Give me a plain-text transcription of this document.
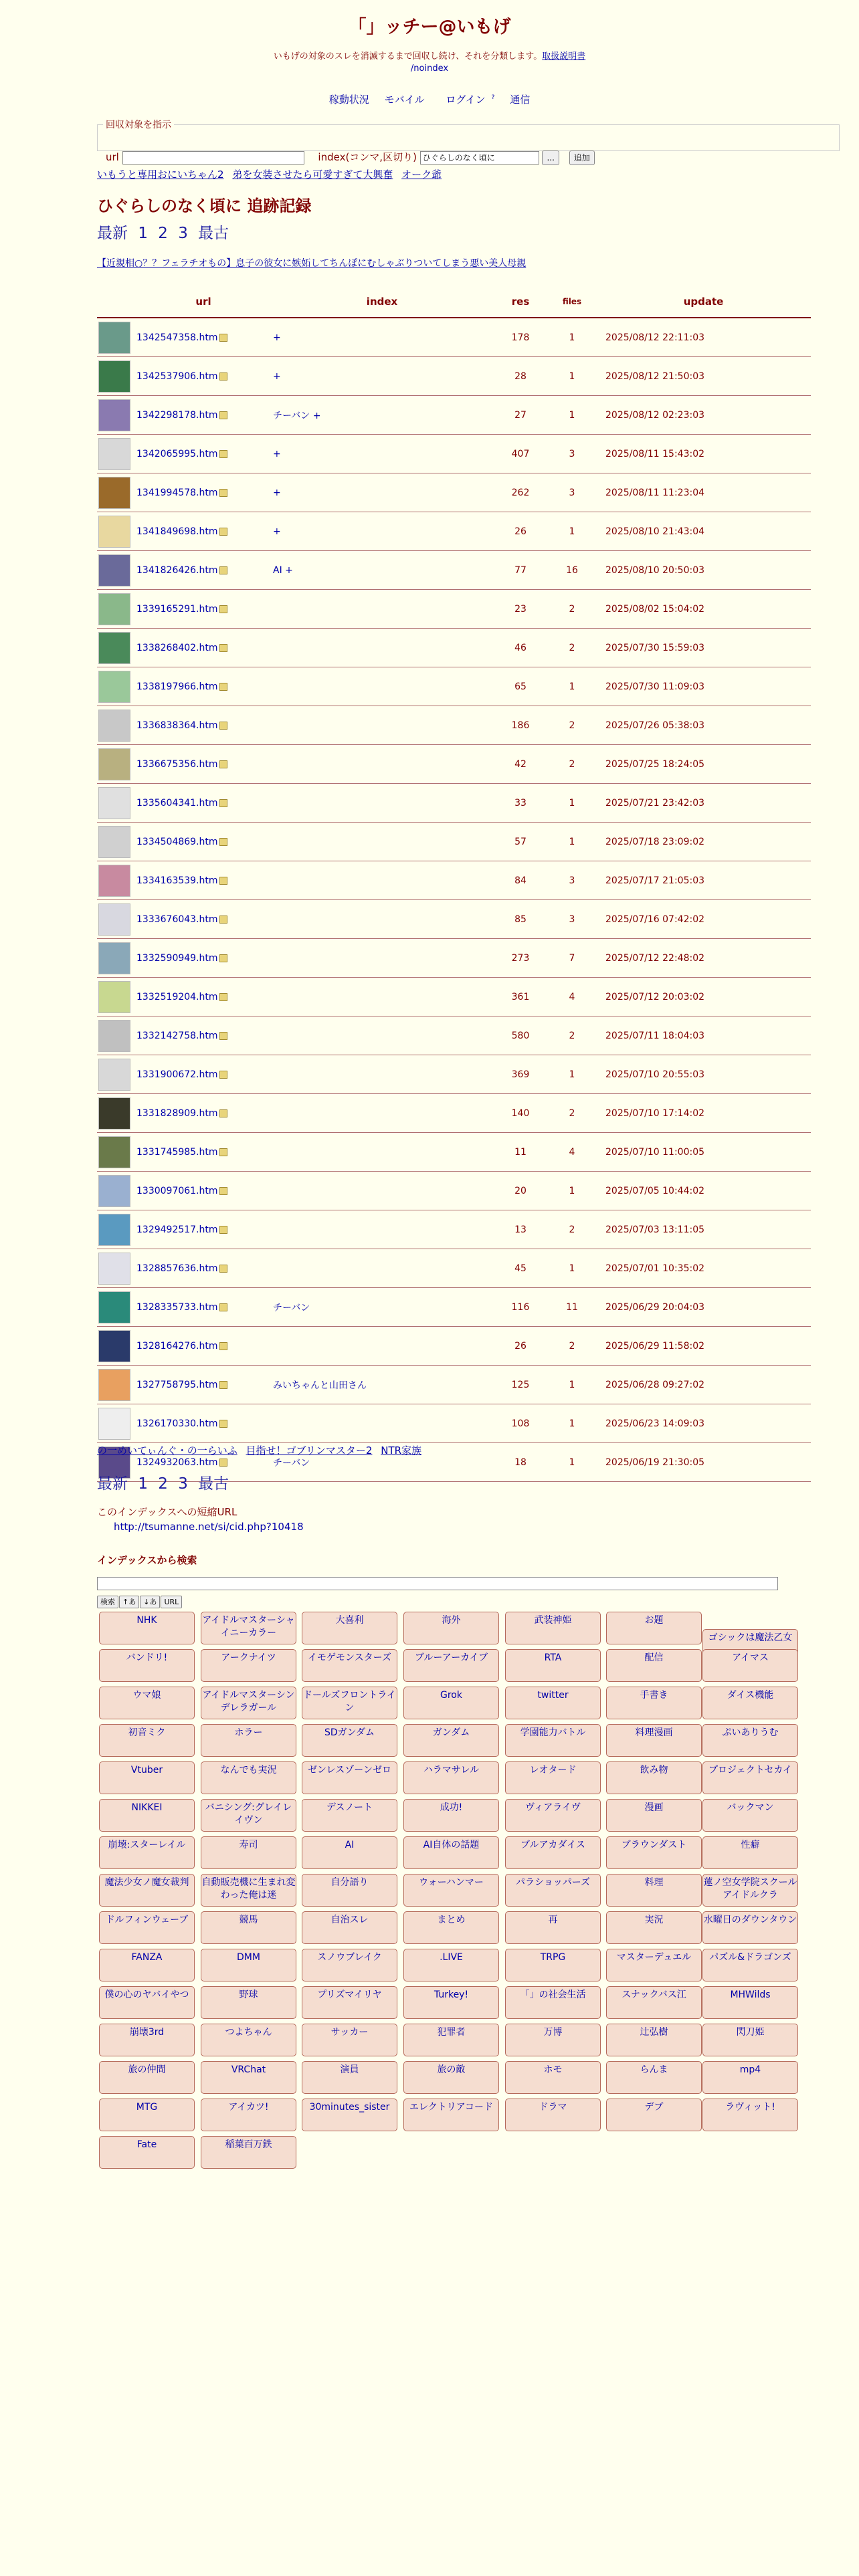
「」ッチー@いもげ
いもげの対象のスレを消滅するまで回収し続け、それを分類します。取扱説明書
/noindex
稼動状況 モバイル ログイン ? 通信
回収対象を指示
url	index(コンマ,区切り) ひぐらしのなく頃に	... 追加
いもうと専用おにいちゃん2 弟を女装させたら可愛すぎて大興奮 オーク爺
ひぐらしのなく頃に 追跡記録
最新 1 2 3 最古
【近親相○？？フェラチオもの】息子の彼女に嫉妬してちんぽにむしゃぶりついてしまう悪い美人母親
	url	index	res	files	update

	1342547358.htm	+	178	1	2025/08/12 22:11:03

	1342537906.htm	+	28	1	2025/08/12 21:50:03

	1342298178.htm	チーバン +	27	1	2025/08/12 02:23:03

	1342065995.htm	+	407	3	2025/08/11 15:43:02

	1341994578.htm	+	262	3	2025/08/11 11:23:04

	1341849698.htm	+	26	1	2025/08/10 21:43:04

	1341826426.htm	AI +	77	16	2025/08/10 20:50:03

	1339165291.htm		23	2	2025/08/02 15:04:02

	1338268402.htm		46	2	2025/07/30 15:59:03

	1338197966.htm		65	1	2025/07/30 11:09:03

	1336838364.htm		186	2	2025/07/26 05:38:03

	1336675356.htm		42	2	2025/07/25 18:24:05

	1335604341.htm		33	1	2025/07/21 23:42:03

	1334504869.htm		57	1	2025/07/18 23:09:02

	1334163539.htm		84	3	2025/07/17 21:05:03

	1333676043.htm		85	3	2025/07/16 07:42:02

	1332590949.htm		273	7	2025/07/12 22:48:02

	1332519204.htm		361	4	2025/07/12 20:03:02

	1332142758.htm		580	2	2025/07/11 18:04:03

	1331900672.htm		369	1	2025/07/10 20:55:03

	1331828909.htm		140	2	2025/07/10 17:14:02

	1331745985.htm		11	4	2025/07/10 11:00:05

	1330097061.htm		20	1	2025/07/05 10:44:02

	1329492517.htm		13	2	2025/07/03 13:11:05

	1328857636.htm		45	1	2025/07/01 10:35:02

	1328335733.htm	チーバン	116	11	2025/06/29 20:04:03

	1328164276.htm		26	2	2025/06/29 11:58:02

	1327758795.htm	みいちゃんと山田さん	125	1	2025/06/28 09:27:02

	1326170330.htm		108	1	2025/06/23 14:09:03

	1324932063.htm	チーバン	18	1	2025/06/19 21:30:05
の一めいてぃんぐ・の一らいふ 目指せ！ゴブリンマスター2 NTR家族
最新 1 2 3 最古
このインデックスへの短縮URL
http://tsumanne.net/si/cid.php?10418
インデックスから検索
検索 ↑あ ↓あ URL
NHK	アイドルマスターシャイニーカラー
大喜利	海外	武装神姫	お題
ゴシックは魔法乙女
バンドリ!	アークナイツ	イモゲモンスターズ	ブルーアーカイブ	RTA	配信	アイマス
ウマ娘	アイドルマスターシンデレラガール
ドールズフロントライン
Grok	twitter	手書き	ダイス機能
初音ミク	ホラー	SDガンダム	ガンダム	学園能力バトル	料理漫画	ぷいありうむ
Vtuber	なんでも実況	ゼンレスゾーンゼロ	ハラマサレル	レオタード	飲み物	プロジェクトセカイ
NIKKEI	バニシング:グレイレイヴン
デスノート	成功!	ヴィアライヴ	漫画	バックマン
崩壊:スターレイル	寿司	AI	AI自体の話題	ブルアカダイス	ブラウンダスト	性癖
魔法少女ノ魔女裁判	自動販売機に生まれ変わった俺は迷
自分語り	ウォーハンマー	パラショッパーズ	料理	蓮ノ空女学院スクールアイドルクラ
ドルフィンウェーブ	競馬	自治スレ	まとめ	再	実況	水曜日のダウンタウン
FANZA	DMM	スノウブレイク	.LIVE	TRPG	マスターデュエル	パズル&ドラゴンズ
僕の心のヤバイやつ	野球	プリズマイリヤ	Turkey!	「」の社会生活	スナックバス江	MHWilds
崩壊3rd	つよちゃん	サッカー	犯罪者	万博	辻弘樹	閃刀姫
旅の仲間	VRChat	演員	旅の敵	ホモ	らんま	mp4
MTG	アイカツ!	30minutes_sister	エレクトリアコード	ドラマ	デブ	ラヴィット!
Fate	稲葉百万鉄
